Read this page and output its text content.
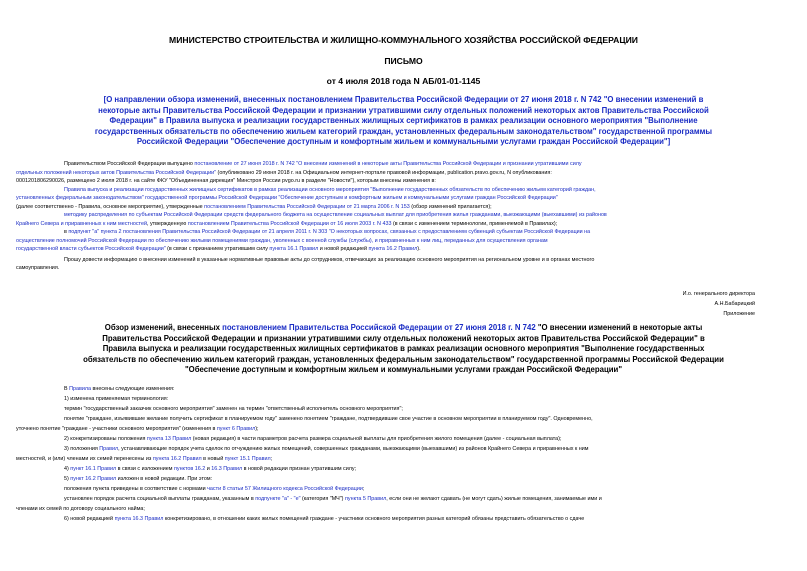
МИНИСТЕРСТВО СТРОИТЕЛЬСТВА И ЖИЛИЩНО-КОММУНАЛЬНОГО ХОЗЯЙСТВА РОССИЙСКОЙ ФЕДЕРАЦИИ
ПИСЬМО
от 4 июля 2018 года N АБ/01-01-1145
[О направлении обзора изменений, внесенных постановлением Правительства Российской Федерации от 27 июня 2018 г. N 742 "О внесении изменений в
некоторые акты Правительства Российской Федерации и признании утратившими силу отдельных положений некоторых актов Правительства Российской
Федерации" в Правила выпуска и реализации государственных жилищных сертификатов в рамках реализации основного мероприятия "Выполнение
государственных обязательств по обеспечению жильем категорий граждан, установленных федеральным законодательством" государственной программы
Российской Федерации "Обеспечение доступным и комфортным жильем и коммунальными услугами граждан Российской Федерации"]
Правительством Российской Федерации выпущено постановление от 27 июня 2018 г. N 742 "О внесении изменений в некоторые акты Правительства Российской Федерации и признании утратившими силу
отдельных положений некоторых актов Правительства Российской Федерации" (опубликовано 29 июня 2018 г. на Официальном интернет-портале правовой информации, publication.pravo.gov.ru, N опубликования:
0001201806290026, размещено 2 июля 2018 г. на сайте ФКУ "Объединенная дирекция" Минстроя России pvgo.ru в разделе "Новости"), которым внесены изменения в:
Правила выпуска и реализации государственных жилищных сертификатов в рамках реализации основного мероприятия "Выполнение государственных обязательств по обеспечению жильем категорий граждан,
установленных федеральным законодательством" государственной программы Российской Федерации "Обеспечение доступным и комфортным жильем и коммунальными услугами граждан Российской Федерации"
(далее соответственно - Правила, основное мероприятие), утвержденные постановлением Правительства Российской Федерации от 21 марта 2006 г. N 153 (обзор изменений прилагается);
методику распределения по субъектам Российской Федерации средств федерального бюджета на осуществление социальных выплат для приобретения жилья гражданами, выезжающими (выехавшими) из районов
Крайнего Севера и приравненных к ним местностей, утвержденную постановлением Правительства Российской Федерации от 16 июля 2003 г. N 433 (в связи с изменением терминологии, применяемой в Правилах);
в подпункт "а" пункта 2 постановления Правительства Российской Федерации от 21 апреля 2011 г. N 303 "О некоторых вопросах, связанных с предоставлением субвенций субъектам Российской Федерации на
осуществление полномочий Российской Федерации по обеспечению жилыми помещениями граждан, уволенных с военной службы (службы), и приравненных к ним лиц, переданных для осуществления органам
государственной власти субъектов Российской Федерации" (в связи с признанием утратившим силу пункта 16.1 Правил и новой редакцией пункта 16.2 Правил).
Прошу довести информацию о внесении изменений в указанные нормативные правовые акты до сотрудников, отвечающих за реализацию основного мероприятия на региональном уровне и в органах местного
самоуправления.
И.о. генерального директора
А.Н.Бабарицкий
Приложение
Обзор изменений, внесенных постановлением Правительства Российской Федерации от 27 июня 2018 г. N 742 "О внесении изменений в некоторые акты
Правительства Российской Федерации и признании утратившими силу отдельных положений некоторых актов Правительства Российской Федерации" в
Правила выпуска и реализации государственных жилищных сертификатов в рамках реализации основного мероприятия "Выполнение государственных
обязательств по обеспечению жильем категорий граждан, установленных федеральным законодательством" государственной программы Российской Федерации
"Обеспечение доступным и комфортным жильем и коммунальными услугами граждан Российской Федерации"
В Правила внесены следующие изменения:
1) изменена применяемая терминология:
термин "государственный заказчик основного мероприятия" заменен на термин "ответственный исполнитель основного мероприятия";
понятие "граждане, изъявившие желание получить сертификат в планируемом году" заменено понятием "граждане, подтвердившие свое участие в основном мероприятии в планируемом году". Одновременно,
уточнено понятие "граждане - участники основного мероприятия" (изменения в пункт 6 Правил);
2) конкретизированы положения пункта 13 Правил (новая редакция) в части параметров расчета размера социальной выплаты для приобретения жилого помещения (далее - социальная выплата);
3) положения Правил, устанавливающие порядок учета сделок по отчуждению жилых помещений, совершенных гражданами, выезжающими (выехавшими) из районов Крайнего Севера и приравненных к ним
местностей, и (или) членами их семей перенесены из пункта 16.2 Правил в новый пункт 15.1 Правил;
4) пункт 16.1 Правил в связи с изложением пунктов 16.2 и 16.3 Правил в новой редакции признан утратившим силу;
5) пункт 16.2 Правил изложен в новой редакции. При этом:
положения пункта приведены в соответствие с нормами части 8 статьи 57 Жилищного кодекса Российской Федерации;
установлен порядок расчета социальной выплаты гражданам, указанным в подпункте "а" - "е" (категория "МЧ") пункта 5 Правил, если они не желают сдавать (не могут сдать) жилые помещения, занимаемые ими и
членами их семей по договору социального найма;
6) новой редакцией пункта 16.3 Правил конкретизировано, в отношении каких жилых помещений граждане - участники основного мероприятия разных категорий обязаны представить обязательство о сдаче
